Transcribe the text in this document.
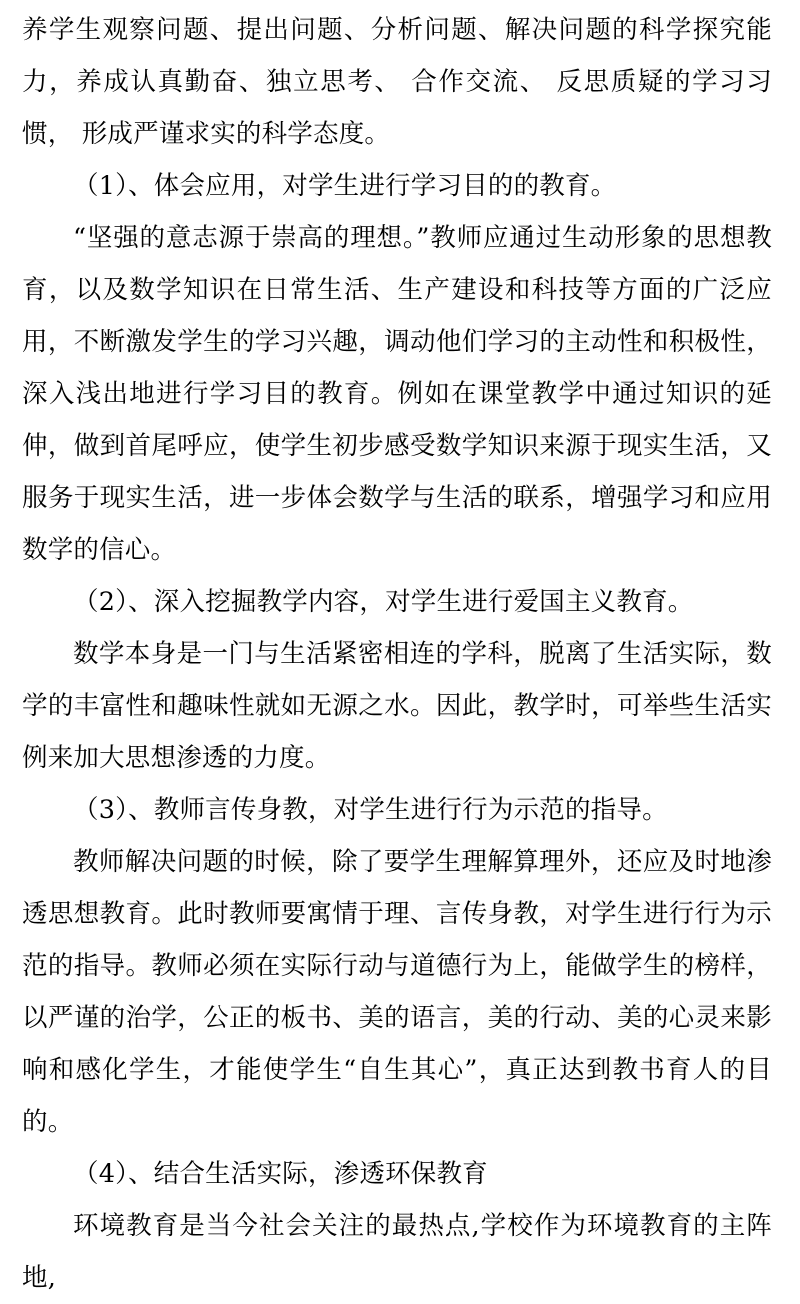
养学生观察问题、提出问题、分析问题、解决问题的科学探究能力，养成认真勤奋、独立思考、 合作交流、 反思质疑的学习习惯， 形成严谨求实的科学态度。

（1）、体会应用，对学生进行学习目的的教育。

“坚强的意志源于崇高的理想。”教师应通过生动形象的思想教育，以及数学知识在日常生活、生产建设和科技等方面的广泛应用，不断激发学生的学习兴趣，调动他们学习的主动性和积极性，深入浅出地进行学习目的教育。例如在课堂教学中通过知识的延伸，做到首尾呼应，使学生初步感受数学知识来源于现实生活，又服务于现实生活，进一步体会数学与生活的联系，增强学习和应用数学的信心。

（2）、深入挖掘教学内容，对学生进行爱国主义教育。

数学本身是一门与生活紧密相连的学科，脱离了生活实际，数学的丰富性和趣味性就如无源之水。因此，教学时，可举些生活实例来加大思想渗透的力度。

（3）、教师言传身教，对学生进行行为示范的指导。

教师解决问题的时候，除了要学生理解算理外，还应及时地渗透思想教育。此时教师要寓情于理、言传身教，对学生进行行为示范的指导。教师必须在实际行动与道德行为上，能做学生的榜样，以严谨的治学，公正的板书、美的语言，美的行动、美的心灵来影响和感化学生，才能使学生“自生其心”，真正达到教书育人的目的。

（4）、结合生活实际，渗透环保教育

环境教育是当今社会关注的最热点,学校作为环境教育的主阵地,
